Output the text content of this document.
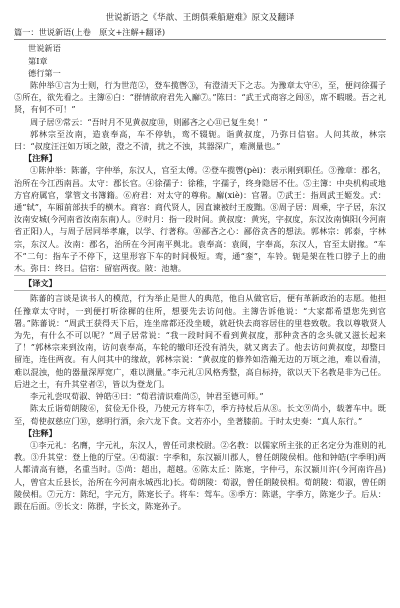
世说新语之《华歆、王朗俱乘船避难》原文及翻译
篇一：世说新语(上卷　原文+注解+翻译)
世说新语
第Ⅰ章
德行第一

陈仲举①言为士则，行为世范②，登车揽辔③，有澄清天下之志。为豫章太守④，至，便问徐孺子⑤所在，欲先看之。主簿⑥白：“群情欲府君先入廨⑦。”陈曰：“武王式商容之闾⑧，席不暇暖。吾之礼贤，有何不可！”

周子居⑨常云：“吾时月不见黄叔度⑩，则鄙吝之心⑪已复生矣！”

郭林宗至汝南，造袁奉高，车不停轨，鸾不辍轭。诣黄叔度，乃弥日信宿。人问其故，林宗曰：“叔度汪汪如万顷之陂，澄之不清，扰之不浊，其器深广，难测量也。”

【注释】

①陈仲举：陈蕃，字仲举，东汉人，官至太傅。②登车揽辔(pèi)：表示刚到职任。③豫章：郡名，治所在今江西南昌。太守：郡长官。④徐孺子：徐稚，字孺子，终身隐居不仕。⑤主簿：中央机构或地方官府属官，掌管文书簿籍。⑥府君：对太守的尊称。廨(xiè)：官署。⑦武王：指周武王姬发。式：通“轼”，车厢前部扶手的横木。商容：商代贤人，因直谏被纣王废黜。⑧周子居：周乘，字子居，东汉汝南安城(今河南省汝南东南)人。⑨时月：指一段时间。黄叔度：黄宪，字叔度，东汉汝南慎阳(今河南省正阳)人，与周子居同举孝廉，以学、行著称。⑩鄙吝之心：鄙俗贪吝的想法。郭林宗：郭泰，字林宗，东汉人。汝南：郡名，治所在今河南平舆北。袁奉高：袁阆，字奉高，东汉人，官至太尉掾。“车不”二句：指车子不停下，这里形容下车的时间极短。鸾，通“銮”，车铃。轭是架在牲口脖子上的曲木。弥日：终日。信宿：留宿两夜。陂：池塘。

【译文】

陈蕃的言谈是读书人的模范，行为举止是世人的典范，他自从做官后，便有革新政治的志愿。他担任豫章太守时，一到便打听徐穉的住所，想要先去访问他。主簿告诉他说：“大家都希望您先到官署。”陈蕃说：“周武王获得天下后，连坐席都还没坐暖，就赶快去商容居住的里巷致敬。我以尊敬贤人为先，有什么不可以呢？”周子居常说：“我一段时间不看到黄叔度，那种贪吝的念头就又滋长起来了！”郭林宗来到汝南，访问袁奉高，车轮的辙印还没有消失，就又离去了。他去访问黄叔度，却整日留连，连住两夜。有人问其中的缘故，郭林宗说：“黄叔度的修养如浩瀚无边的万顷之池，难以看清，难以混浊，他的器量深厚宽广，难以测量。”李元礼①风格秀整，高自标持，欲以天下名教是非为己任。后进之士，有升其堂者②，皆以为登龙门。

李元礼尝叹荀淑、钟皓④曰：“荀君清识难尚⑤，钟君至德可师。”

陈太丘诣荀朗陵⑥，贫俭无仆役，乃使元方将车⑦，季方持杖后从⑧。长文⑨尚小，载著车中。既至，荀使叔慈应门⑩，慈明行酒，余六龙下食。文若亦小，坐著膝前。于时太史奏：“真人东行。”

【注释】

①李元礼：名膺，字元礼，东汉人，曾任司隶校尉。②名教：以儒家所主张的正名定分为准则的礼教。③升其堂：登上他的厅堂。④荀淑：字季和，东汉颍川郡人，曾任朗陵侯相。他和钟皓(字季明)两人都清高有德，名重当时。⑤尚：超出，超越。⑥陈太丘：陈寔，字仲弓，东汉颍川许(今河南许昌)人，曾官太丘县长，治所在今河南永城西北)长。荀朗陵：荀淑，曾任朗陵侯相。荀朗陵：荀淑，曾任朗陵侯相。⑦元方：陈纪，字元方，陈寔长子。将车：驾车。⑧季方：陈谌，字季方，陈寔少子。后从：跟在后面。⑨长文：陈群，字长文，陈寔孙子。
